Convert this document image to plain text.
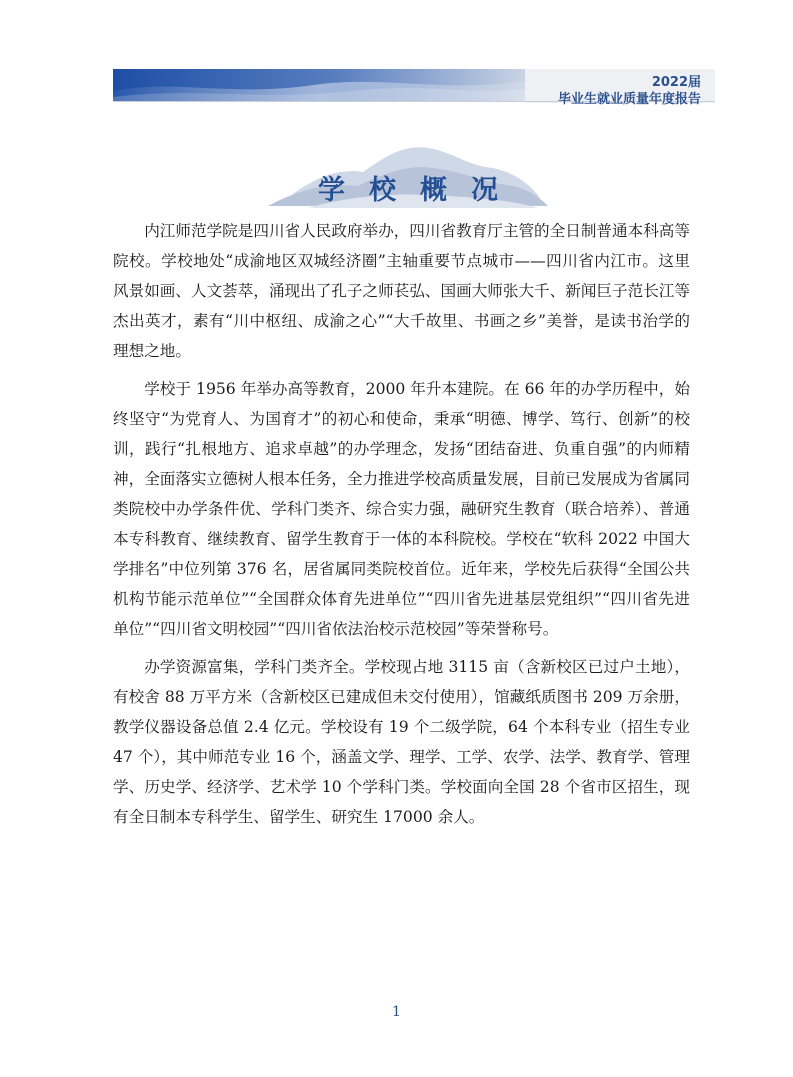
2022届
毕业生就业质量年度报告
学校概况

内江师范学院是四川省人民政府举办，四川省教育厅主管的全日制普通本科高等院校。学校地处“成渝地区双城经济圈”主轴重要节点城市——四川省内江市。这里风景如画、人文荟萃，涌现出了孔子之师苌弘、国画大师张大千、新闻巨子范长江等杰出英才，素有“川中枢纽、成渝之心”“大千故里、书画之乡”美誉，是读书治学的理想之地。

学校于 1956 年举办高等教育，2000 年升本建院。在 66 年的办学历程中，始终坚守“为党育人、为国育才”的初心和使命，秉承“明德、博学、笃行、创新”的校训，践行“扎根地方、追求卓越”的办学理念，发扬“团结奋进、负重自强”的内师精神，全面落实立德树人根本任务，全力推进学校高质量发展，目前已发展成为省属同类院校中办学条件优、学科门类齐、综合实力强，融研究生教育（联合培养）、普通本专科教育、继续教育、留学生教育于一体的本科院校。学校在“软科 2022 中国大学排名”中位列第 376 名，居省属同类院校首位。近年来，学校先后获得“全国公共机构节能示范单位”“全国群众体育先进单位”“四川省先进基层党组织”“四川省先进单位”“四川省文明校园”“四川省依法治校示范校园”等荣誉称号。

办学资源富集，学科门类齐全。学校现占地 3115 亩（含新校区已过户土地），有校舍 88 万平方米（含新校区已建成但未交付使用），馆藏纸质图书 209 万余册，教学仪器设备总值 2.4 亿元。学校设有 19 个二级学院，64 个本科专业（招生专业 47 个），其中师范专业 16 个，涵盖文学、理学、工学、农学、法学、教育学、管理学、历史学、经济学、艺术学 10 个学科门类。学校面向全国 28 个省市区招生，现有全日制本专科学生、留学生、研究生 17000 余人。

1
